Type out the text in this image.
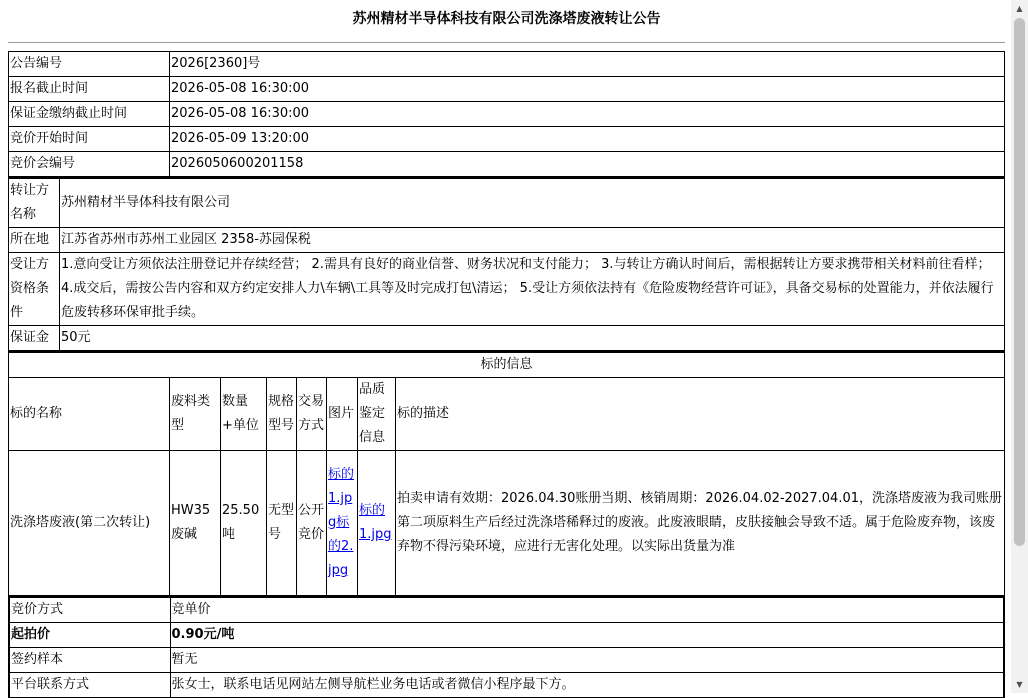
苏州精材半导体科技有限公司洗涤塔废液转让公告
公告编号	2026[2360]号
报名截止时间	2026-05-08 16:30:00
保证金缴纳截止时间	2026-05-08 16:30:00
竞价开始时间	2026-05-09 13:20:00
竞价会编号	2026050600201158
转让方名称	苏州精材半导体科技有限公司
所在地	江苏省苏州市苏州工业园区 2358-苏园保税
受让方资格条件	1.意向受让方须依法注册登记并存续经营； 2.需具有良好的商业信誉、财务状况和支付能力； 3.与转让方确认时间后，需根据转让方要求携带相关材料前往看样； 4.成交后，需按公告内容和双方约定安排人力\车辆\工具等及时完成打包\清运； 5.受让方须依法持有《危险废物经营许可证》，具备交易标的处置能力，并依法履行危废转移环保审批手续。
保证金	50元
标的信息							
标的名称	废料类型	数量+单位	规格型号	交易方式	图片	品质鉴定信息	标的描述
洗涤塔废液(第二次转让)	HW35废碱	25.50吨	无型号	公开竞价	标的1.jpg标的2.jpg	标的1.jpg	拍卖申请有效期：2026.04.30账册当期、核销周期：2026.04.02-2027.04.01，洗涤塔废液为我司账册第二项原料生产后经过洗涤塔稀释过的废液。此废液眼睛，皮肤接触会导致不适。属于危险废弃物，该废弃物不得污染环境，应进行无害化处理。以实际出货量为准
竞价方式	竞单价
起拍价	0.90元/吨
签约样本	暂无
平台联系方式	张女士，联系电话见网站左侧导航栏业务电话或者微信小程序最下方。
▲
▼
